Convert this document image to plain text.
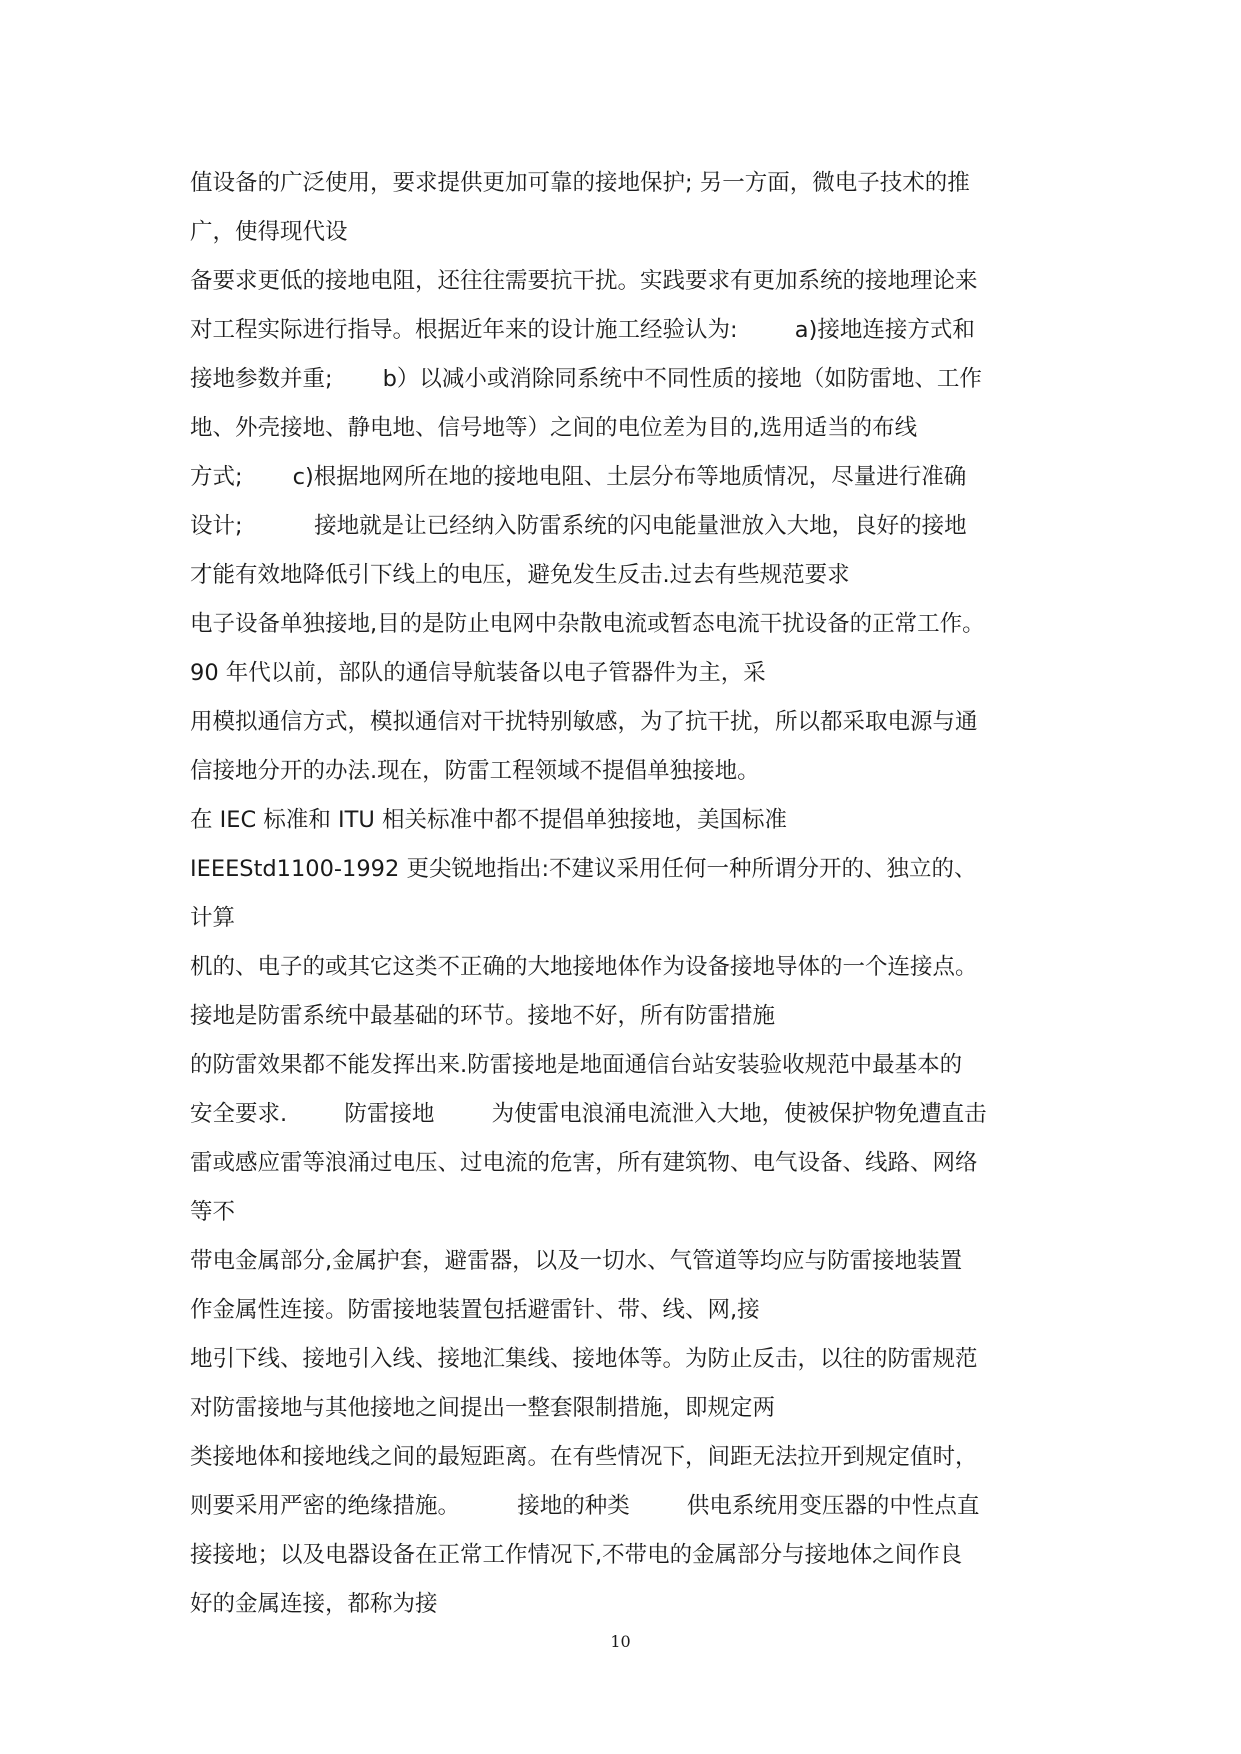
值设备的广泛使用，要求提供更加可靠的接地保护; 另一方面，微电子技术的推
广，使得现代设
备要求更低的接地电阻，还往往需要抗干扰。实践要求有更加系统的接地理论来
对工程实际进行指导。根据近年来的设计施工经验认为:        a)接地连接方式和
接地参数并重;       b）以减小或消除同系统中不同性质的接地（如防雷地、工作
地、外壳接地、静电地、信号地等）之间的电位差为目的,选用适当的布线
方式;       c)根据地网所在地的接地电阻、土层分布等地质情况，尽量进行准确
设计;          接地就是让已经纳入防雷系统的闪电能量泄放入大地，良好的接地
才能有效地降低引下线上的电压，避免发生反击.过去有些规范要求
电子设备单独接地,目的是防止电网中杂散电流或暂态电流干扰设备的正常工作。
90 年代以前，部队的通信导航装备以电子管器件为主，采
用模拟通信方式，模拟通信对干扰特别敏感，为了抗干扰，所以都采取电源与通
信接地分开的办法.现在，防雷工程领域不提倡单独接地。
在 IEC 标准和 ITU 相关标准中都不提倡单独接地，美国标准
IEEEStd1100-1992 更尖锐地指出:不建议采用任何一种所谓分开的、独立的、
计算
机的、电子的或其它这类不正确的大地接地体作为设备接地导体的一个连接点。
接地是防雷系统中最基础的环节。接地不好，所有防雷措施
的防雷效果都不能发挥出来.防雷接地是地面通信台站安装验收规范中最基本的
安全要求.        防雷接地        为使雷电浪涌电流泄入大地，使被保护物免遭直击
雷或感应雷等浪涌过电压、过电流的危害，所有建筑物、电气设备、线路、网络
等不
带电金属部分,金属护套，避雷器，以及一切水、气管道等均应与防雷接地装置
作金属性连接。防雷接地装置包括避雷针、带、线、网,接
地引下线、接地引入线、接地汇集线、接地体等。为防止反击，以往的防雷规范
对防雷接地与其他接地之间提出一整套限制措施，即规定两
类接地体和接地线之间的最短距离。在有些情况下，间距无法拉开到规定值时，
则要采用严密的绝缘措施。        接地的种类        供电系统用变压器的中性点直
接接地；以及电器设备在正常工作情况下,不带电的金属部分与接地体之间作良
好的金属连接，都称为接
10
